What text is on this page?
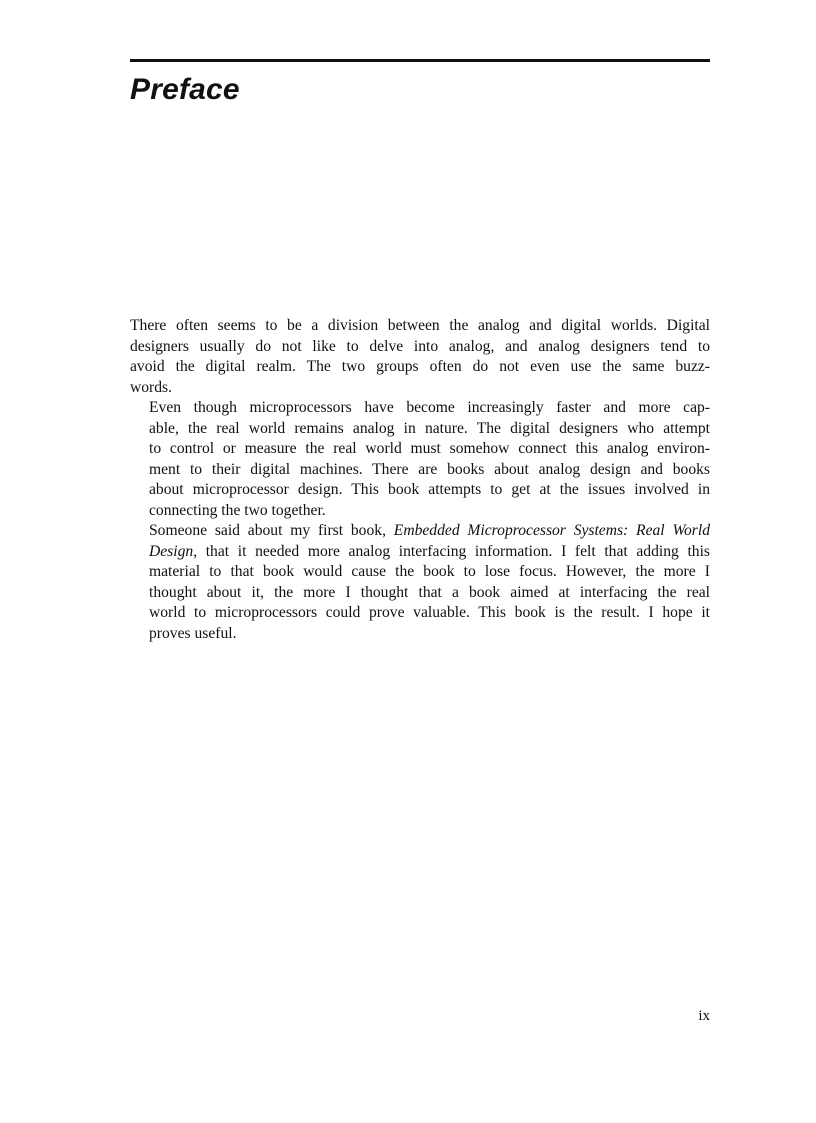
Preface

There often seems to be a division between the analog and digital worlds. Digital
designers usually do not like to delve into analog, and analog designers tend to
avoid the digital realm. The two groups often do not even use the same buzz-
words.

Even though microprocessors have become increasingly faster and more cap-
able, the real world remains analog in nature. The digital designers who attempt
to control or measure the real world must somehow connect this analog environ-
ment to their digital machines. There are books about analog design and books
about microprocessor design. This book attempts to get at the issues involved in
connecting the two together.

Someone said about my first book, Embedded Microprocessor Systems: Real World
Design, that it needed more analog interfacing information. I felt that adding this
material to that book would cause the book to lose focus. However, the more I
thought about it, the more I thought that a book aimed at interfacing the real
world to microprocessors could prove valuable. This book is the result. I hope it
proves useful.

ix
